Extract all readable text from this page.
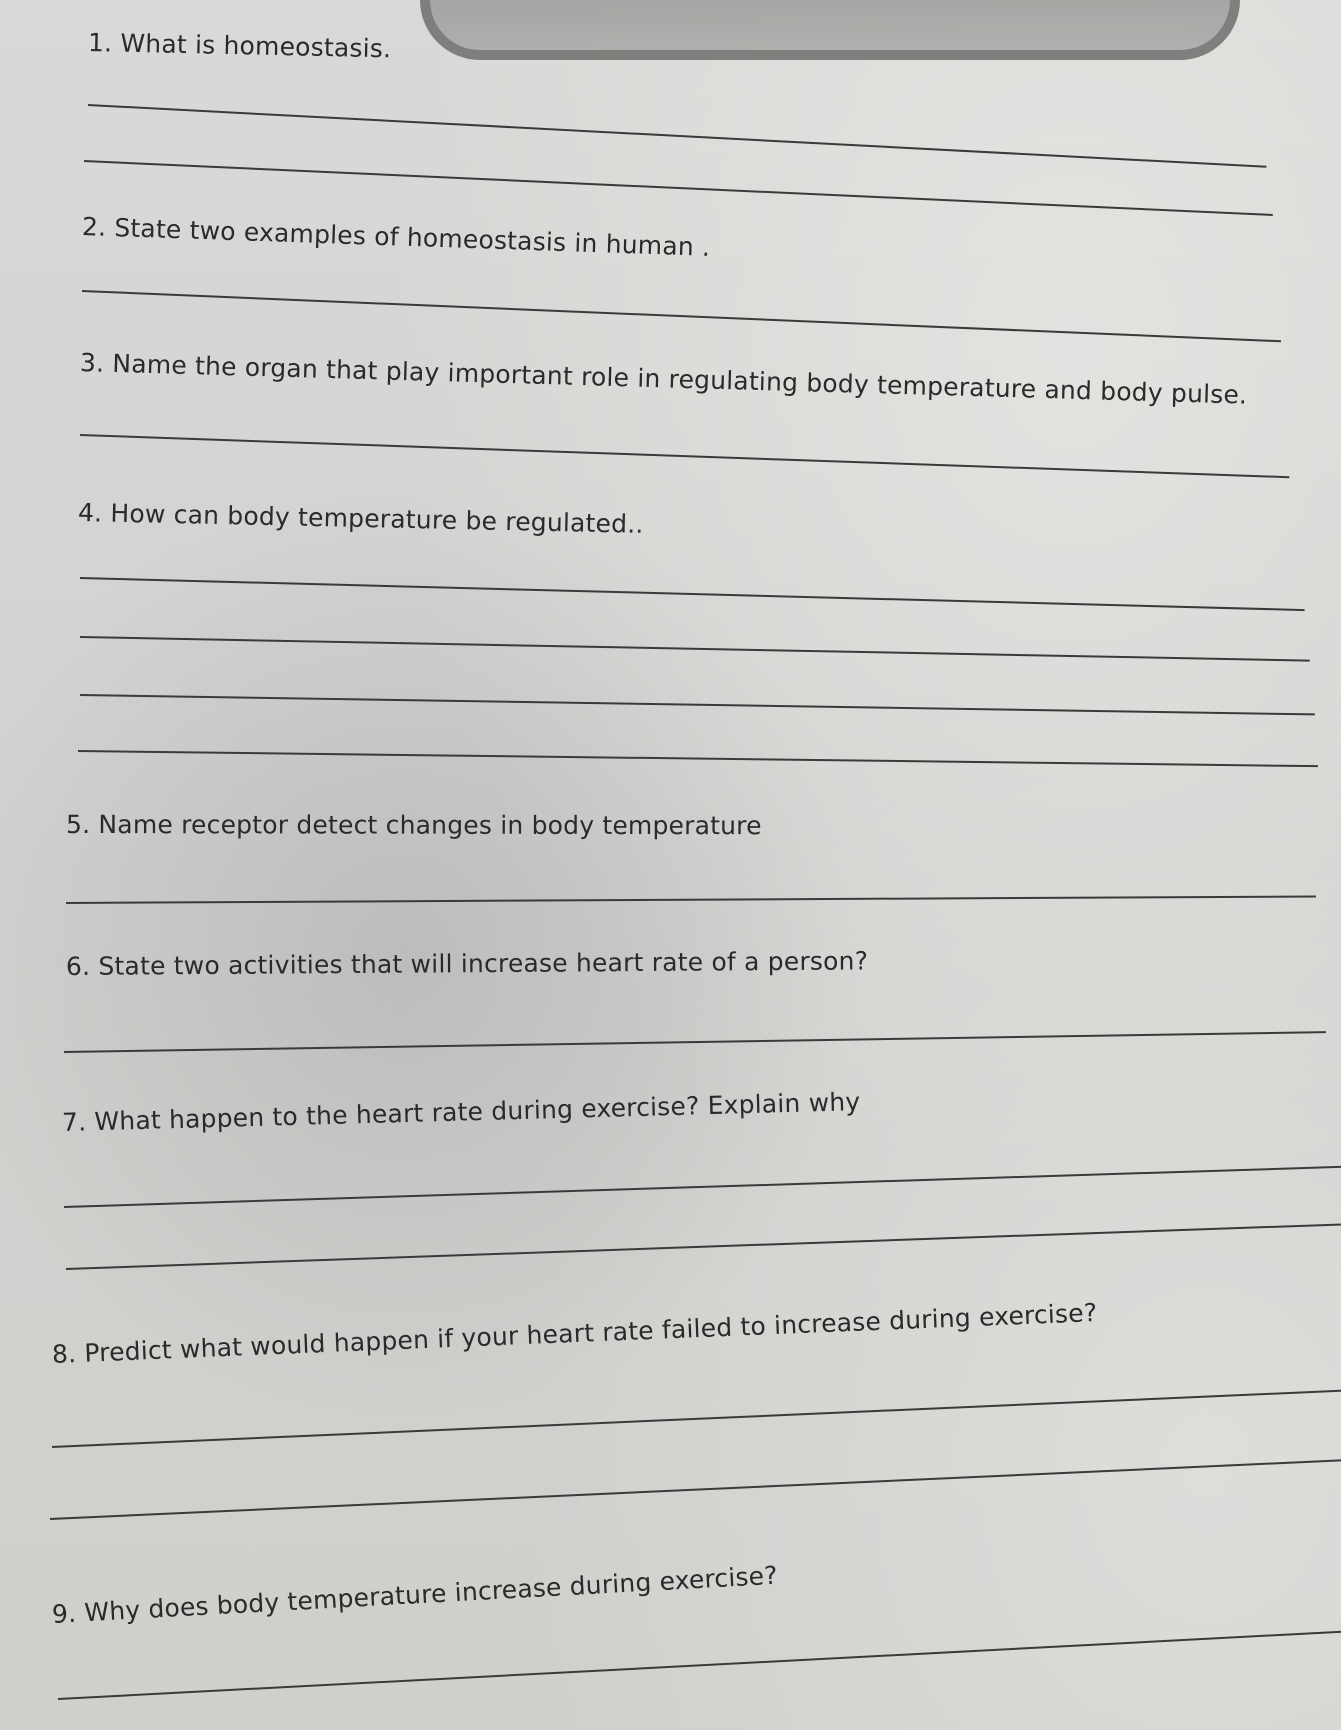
1. What is homeostasis.
2. State two examples of homeostasis in human .
3. Name the organ that play important role in regulating body temperature and body pulse.
4. How can body temperature be regulated..
5. Name receptor detect changes in body temperature
6. State two activities that will increase heart rate of a person?
7. What happen to the heart rate during exercise? Explain why
8. Predict what would happen if your heart rate failed to increase during exercise?
9. Why does body temperature increase during exercise?
